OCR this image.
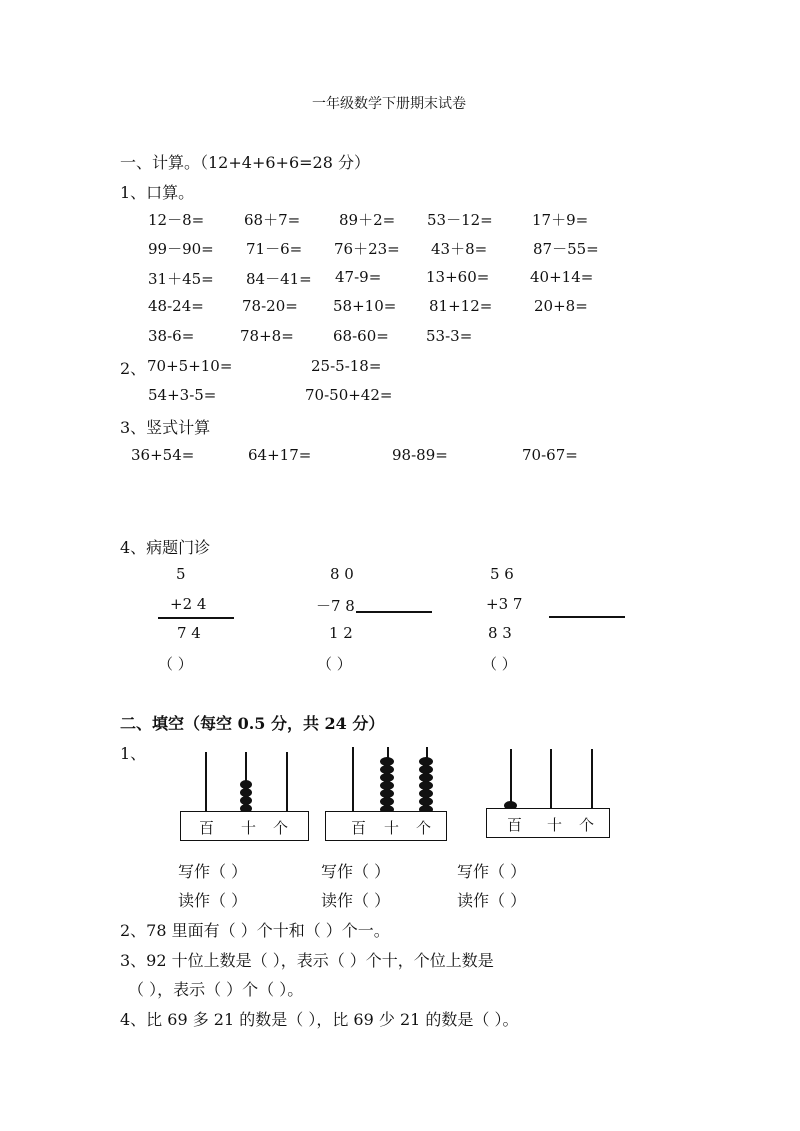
一年级数学下册期末试卷
一、计算。（12+4+6+6=28 分）
1、口算。
12－8=	68＋7=	89＋2= 53－12=	17＋9=
99－90= 71－6= 76＋23= 43＋8=	87－55=
31＋45= 84－41= 47-9=	13+60=	40+14=
48-24=	78-20= 58+10= 81+12=	20+8=
38-6=	78+8=	68-60= 53-3=
2、 70+5+10=	25-5-18=
54+3-5=	70-50+42=
3、竖式计算
36+54=	64+17=	98-89=	70-67=
4、病题门诊
5
+2 4
7 4
（ ）
8 0
－7 8
1 2
（ ）
5 6
+3 7
8 3
（ ）
二、填空（每空 0.5 分，共 24 分）
1、
百 十 个	百 十 个	百 十 个
写作（ ）	写作（ ）	写作（ ）
读作（ ）	读作（ ）	读作（ ）
2、78 里面有（ ）个十和（ ）个一。
3、92 十位上数是（ ），表示（ ）个十，个位上数是
（ ），表示（ ）个（ ）。
4、比 69 多 21 的数是（ ），比 69 少 21 的数是（ ）。
